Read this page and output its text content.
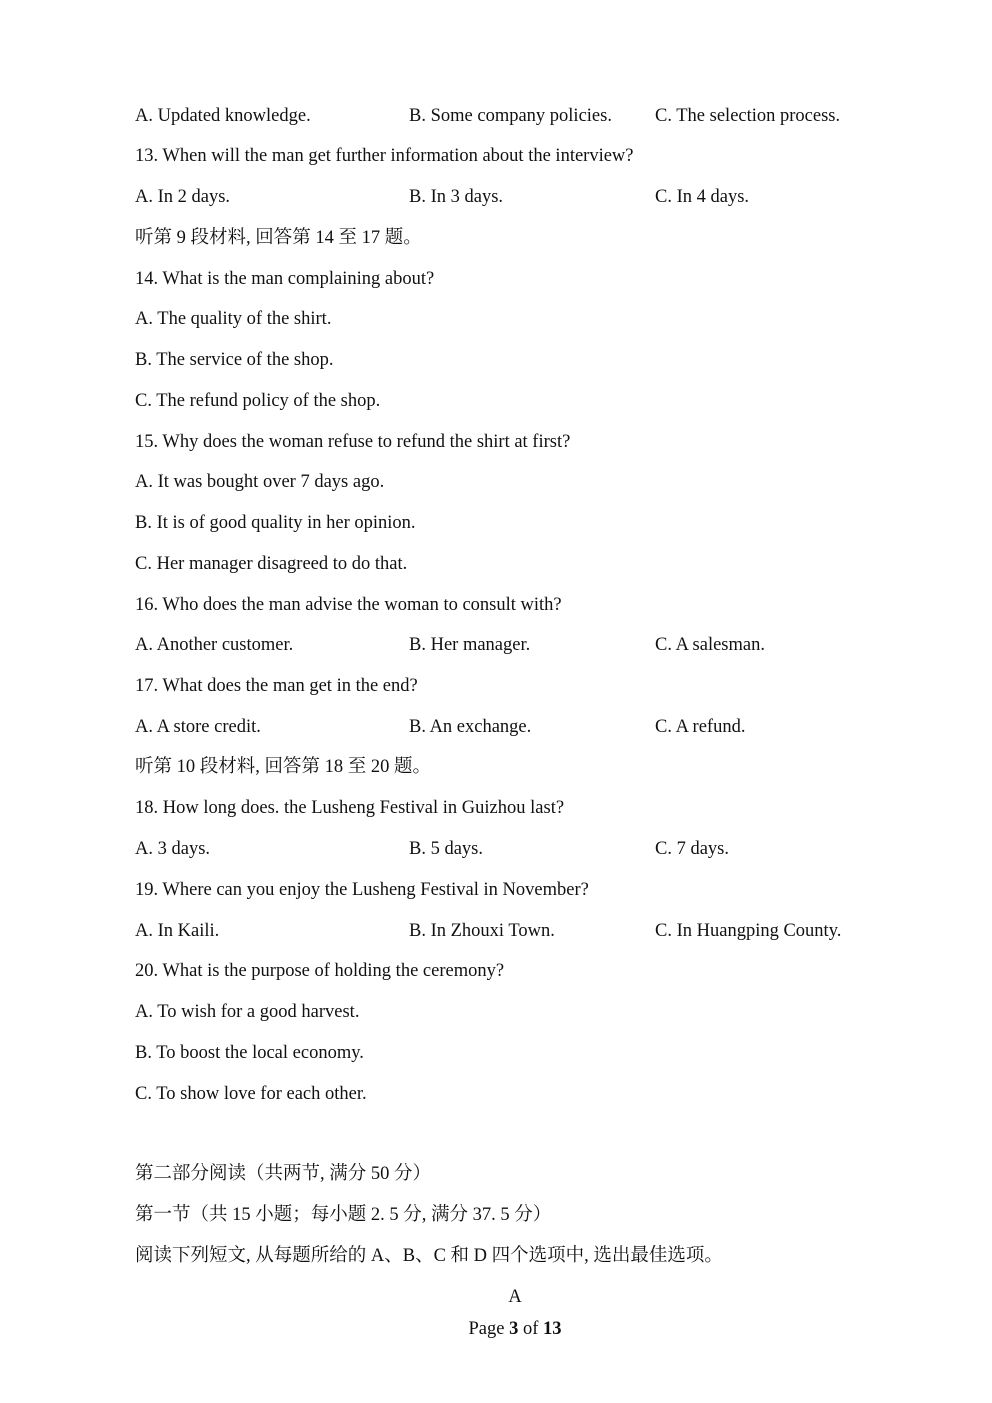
A. Updated knowledge.	B. Some company policies. C. The selection process.
13. When will the man get further information about the interview?
A. In 2 days.	B. In 3 days.	C. In 4 days.
听第 9 段材料, 回答第 14 至 17 题。
14. What is the man complaining about?
A. The quality of the shirt.
B. The service of the shop.
C. The refund policy of the shop.
15. Why does the woman refuse to refund the shirt at first?
A. It was bought over 7 days ago.
B. It is of good quality in her opinion.
C. Her manager disagreed to do that.
16. Who does the man advise the woman to consult with?
A. Another customer.	B. Her manager.	C. A salesman.
17. What does the man get in the end?
A. A store credit.	B. An exchange.	C. A refund.
听第 10 段材料, 回答第 18 至 20 题。
18. How long does. the Lusheng Festival in Guizhou last?
A. 3 days.	B. 5 days.	C. 7 days.
19. Where can you enjoy the Lusheng Festival in November?
A. In Kaili.	B. In Zhouxi Town.	C. In Huangping County.
20. What is the purpose of holding the ceremony?
A. To wish for a good harvest.
B. To boost the local economy.
C. To show love for each other.
第二部分阅读（共两节, 满分 50 分）
第一节（共 15 小题；每小题 2. 5 分, 满分 37. 5 分）
阅读下列短文, 从每题所给的 A、B、C 和 D 四个选项中, 选出最佳选项。
A
Page 3 of 13
